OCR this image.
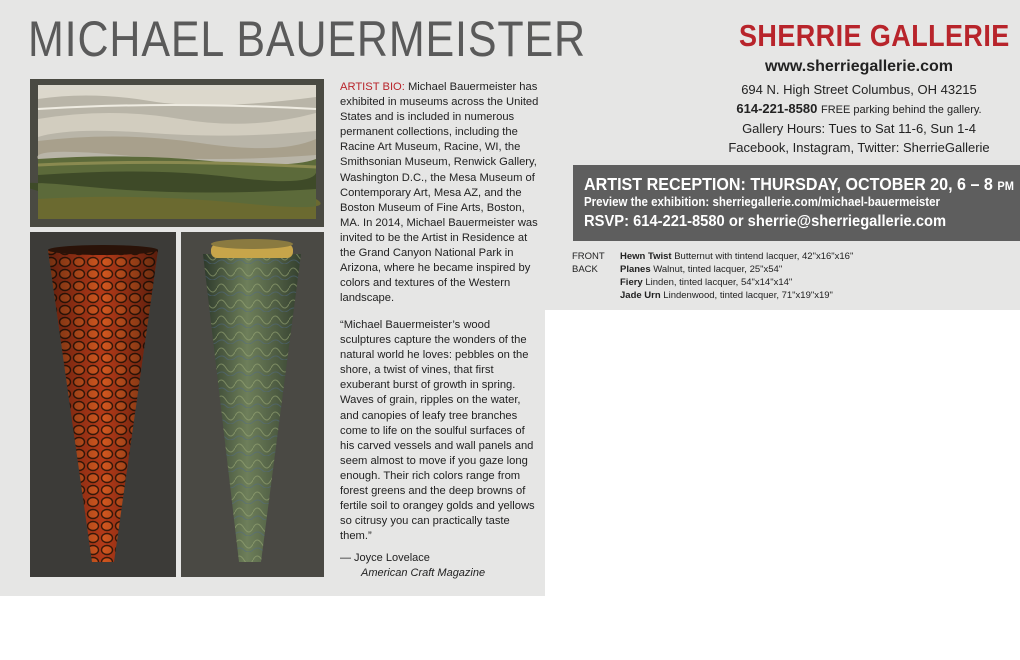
MICHAEL BAUERMEISTER
ARTIST BIO: Michael Bauermeister has exhibited in museums across the United States and is included in numerous permanent collections, including the Racine Art Museum, Racine, WI, the Smithsonian Museum, Renwick Gallery, Washington D.C., the Mesa Museum of Contemporary Art, Mesa AZ, and the Boston Museum of Fine Arts, Boston, MA. In 2014, Michael Bauermeister was invited to be the Artist in Residence at the Grand Canyon National Park in Arizona, where he became inspired by colors and textures of the Western landscape.
“Michael Bauermeister’s wood sculptures capture the wonders of the natural world he loves: pebbles on the shore, a twist of vines, that first exuberant burst of growth in spring. Waves of grain, ripples on the water, and canopies of leafy tree branches come to life on the soulful surfaces of his carved vessels and wall panels and seem almost to move if you gaze long enough. Their rich colors range from forest greens and the deep browns of fertile soil to orangey golds and yellows so citrusy you can practically taste them.”
— Joyce Lovelace
American Craft Magazine
SHERRIE GALLERIE
www.sherriegallerie.com
694 N. High Street Columbus, OH 43215
614-221-8580 FREE parking behind the gallery.
Gallery Hours: Tues to Sat 11-6, Sun 1-4
Facebook, Instagram, Twitter: SherrieGallerie
ARTIST RECEPTION: THURSDAY, OCTOBER 20, 6 – 8 PM
Preview the exhibition: sherriegallerie.com/michael-bauermeister
RSVP: 614-221-8580 or sherrie@sherriegallerie.com
FRONT
BACK
Hewn Twist Butternut with tintend lacquer, 42"x16"x16"
Planes Walnut, tinted lacquer, 25"x54"
Fiery Linden, tinted lacquer, 54"x14"x14"
Jade Urn Lindenwood, tinted lacquer, 71"x19"x19"
